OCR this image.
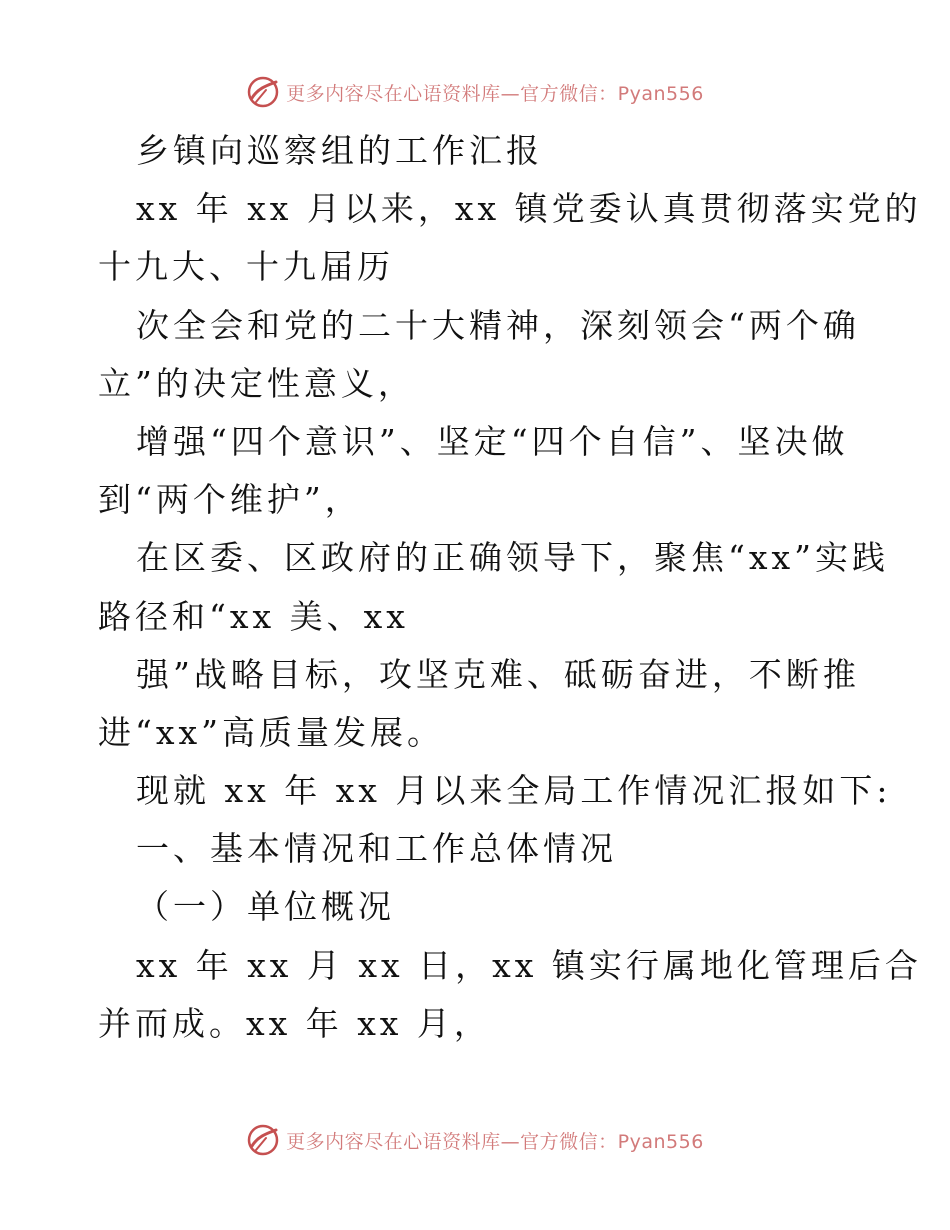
更多内容尽在心语资料库—官方微信：Pyan556
乡镇向巡察组的工作汇报
xx 年 xx 月以来，xx 镇党委认真贯彻落实党的
十九大、十九届历
次全会和党的二十大精神，深刻领会“两个确
立”的决定性意义，
增强“四个意识”、坚定“四个自信”、坚决做
到“两个维护”，
在区委、区政府的正确领导下，聚焦“xx”实践
路径和“xx 美、xx
强”战略目标，攻坚克难、砥砺奋进，不断推
进“xx”高质量发展。
现就 xx 年 xx 月以来全局工作情况汇报如下:
一、基本情况和工作总体情况
（一）单位概况
xx 年 xx 月 xx 日，xx 镇实行属地化管理后合
并而成。xx 年 xx 月，
更多内容尽在心语资料库—官方微信：Pyan556
